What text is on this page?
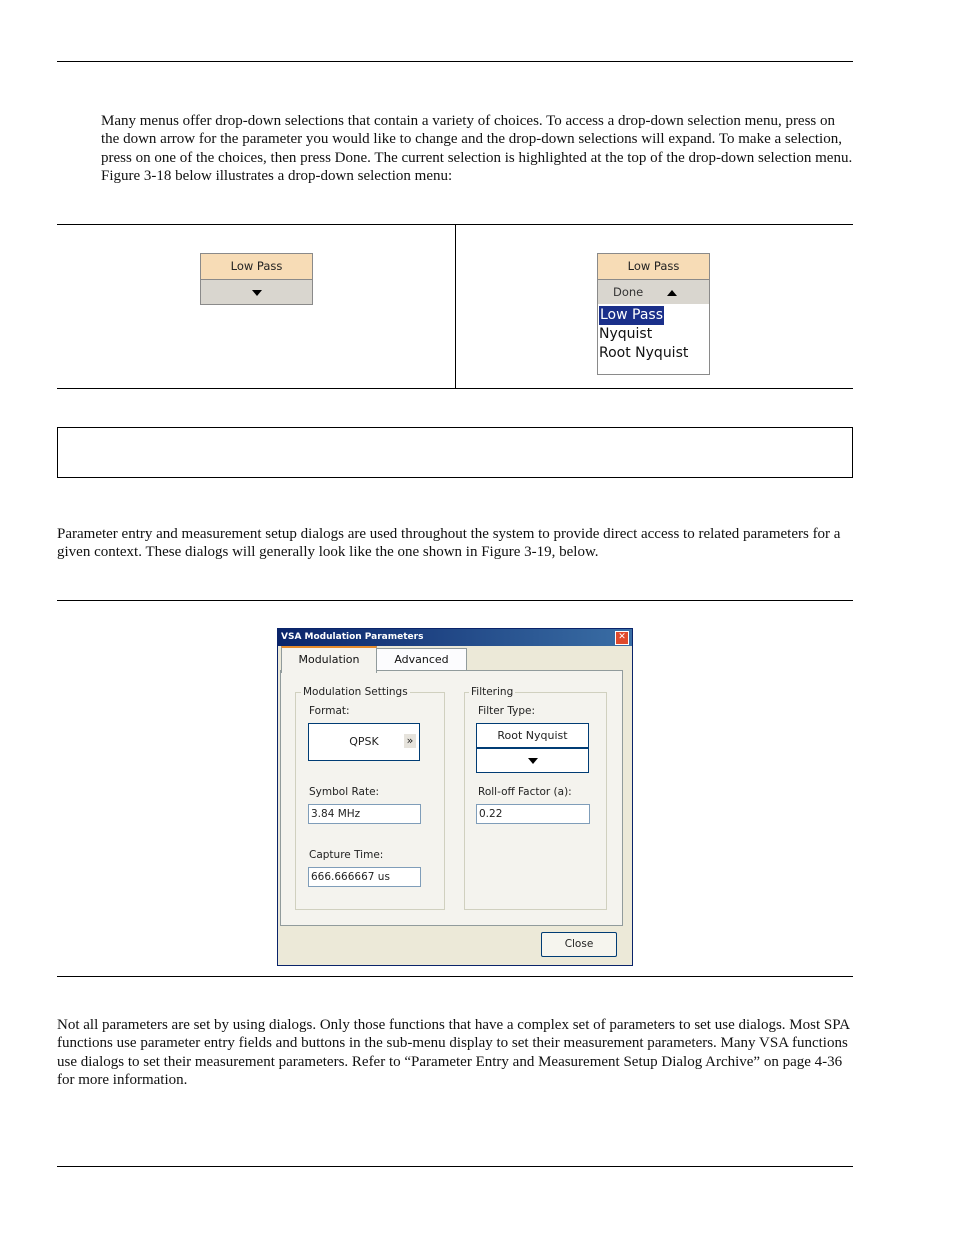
Many menus offer drop-down selections that contain a variety of choices. To access a drop-down selection menu, press on the down arrow for the parameter you would like to change and the drop-down selections will expand. To make a selection, press on one of the choices, then press Done. The current selection is highlighted at the top of the drop-down selection menu. Figure 3-18 below illustrates a drop-down selection menu:

Low Pass	Low Pass
Done
Low Pass
Nyquist
Root Nyquist

Parameter entry and measurement setup dialogs are used throughout the system to provide direct access to related parameters for a given context. These dialogs will generally look like the one shown in Figure 3-19, below.

VSA Modulation Parameters	✕
Modulation	Advanced
Modulation Settings
Format:
QPSK	»
Symbol Rate:
3.84 MHz
Capture Time:
666.666667 us
Filtering
Filter Type:
Root Nyquist
Roll-off Factor (a):
0.22
Close

Not all parameters are set by using dialogs. Only those functions that have a complex set of parameters to set use dialogs. Most SPA functions use parameter entry fields and buttons in the sub-menu display to set their measurement parameters. Many VSA functions use dialogs to set their measurement parameters. Refer to “Parameter Entry and Measurement Setup Dialog Archive” on page 4-36 for more information.
